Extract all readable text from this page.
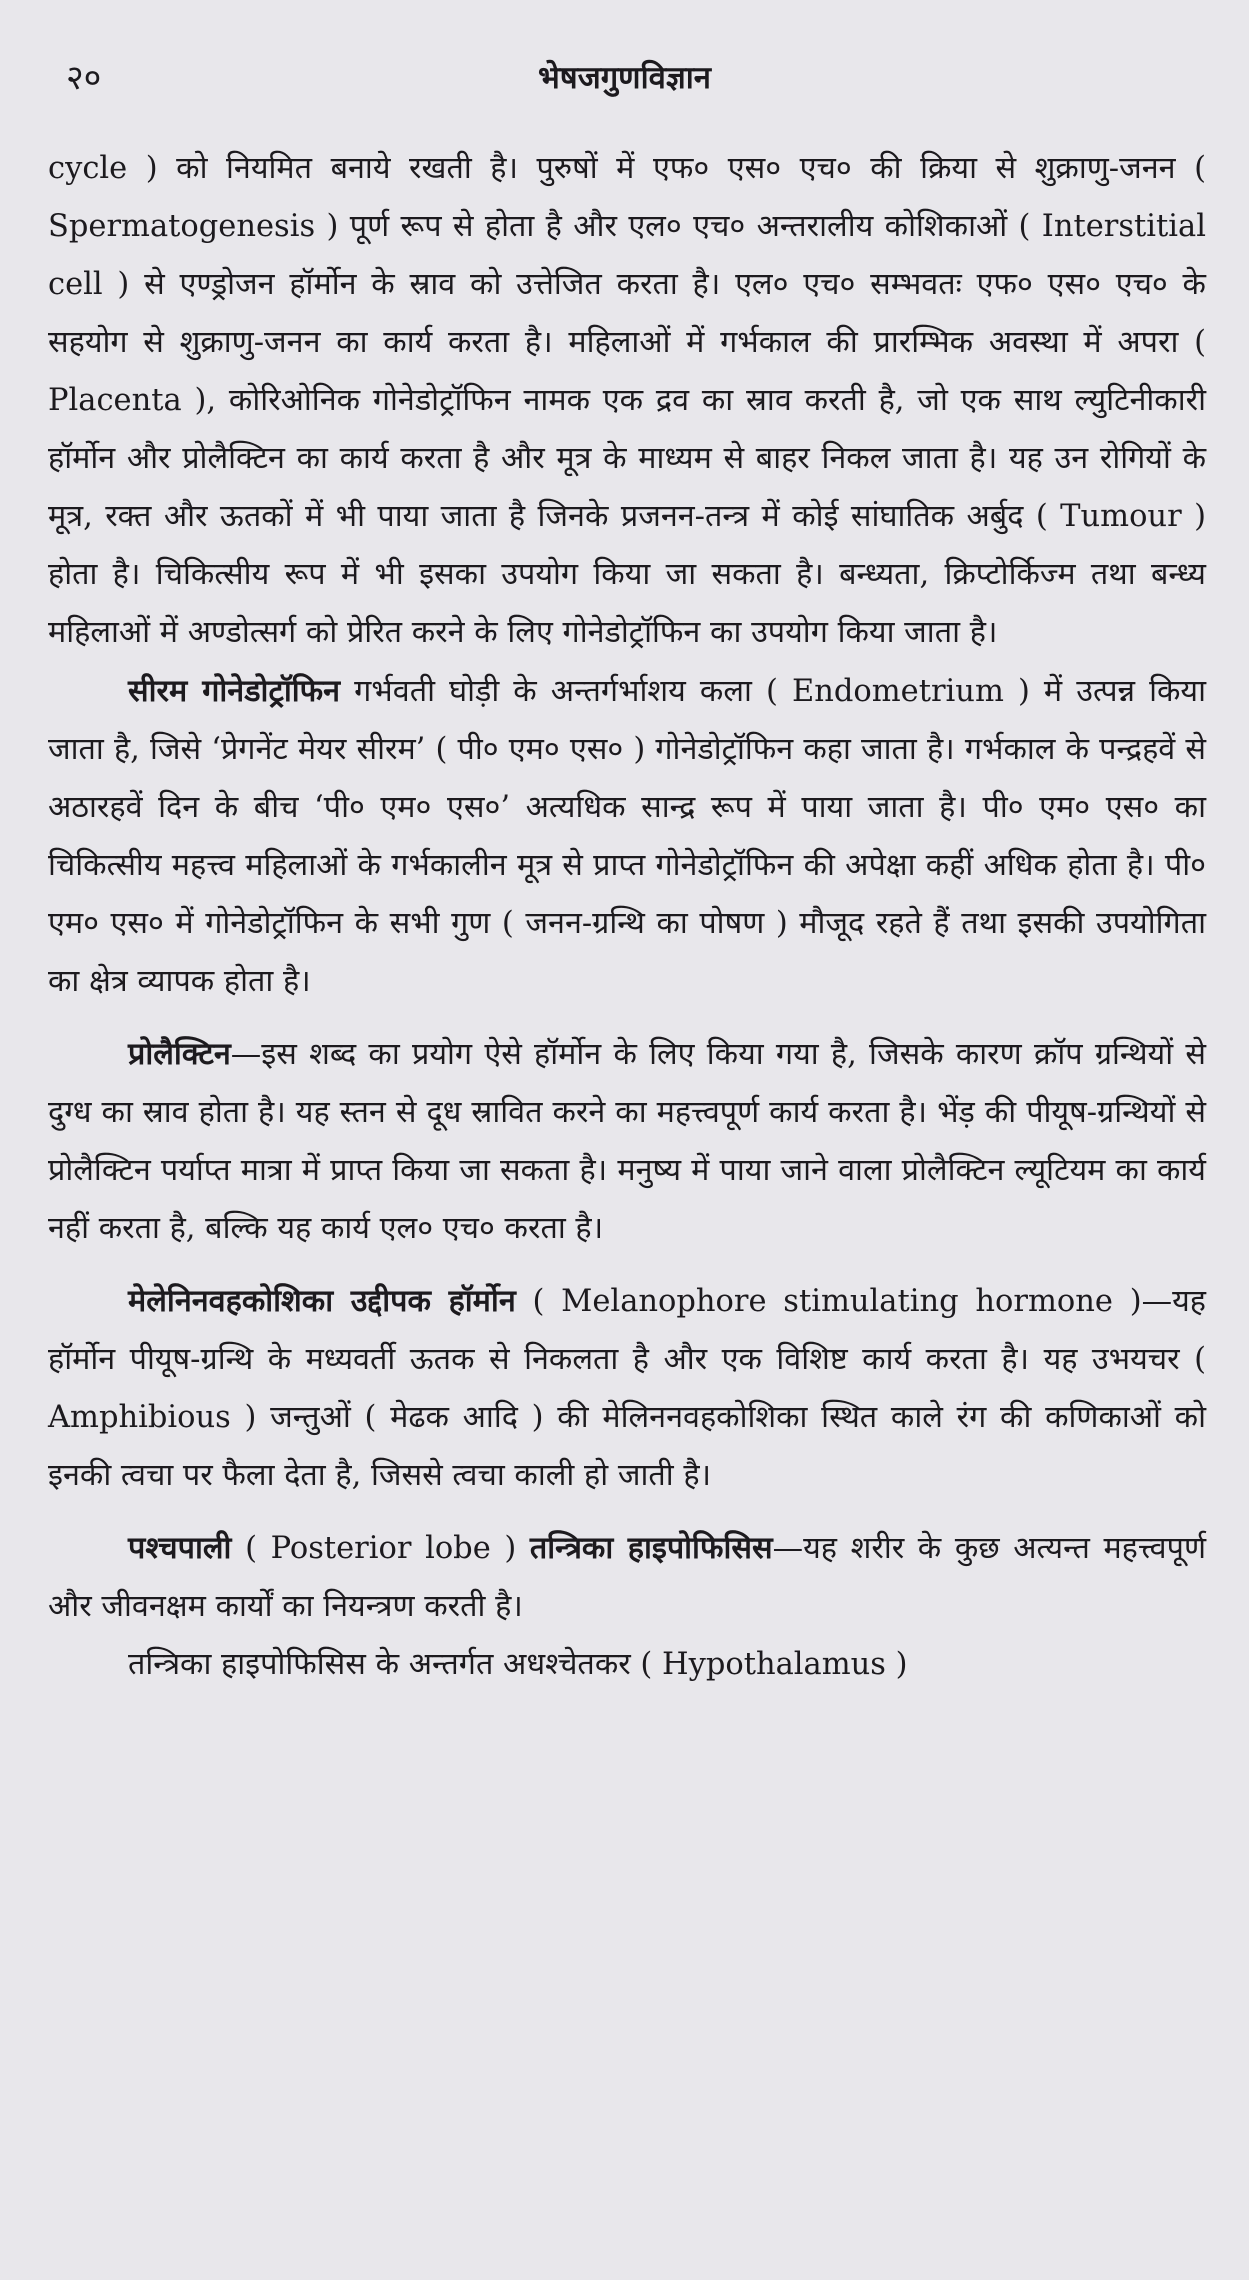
२०	भेषजगुणविज्ञान

cycle ) को नियमित बनाये रखती है। पुरुषों में एफ० एस० एच० की क्रिया से शुक्राणु-जनन ( Spermatogenesis ) पूर्ण रूप से होता है और एल० एच० अन्तरालीय कोशिकाओं ( Interstitial cell ) से एण्ड्रोजन हॉर्मोन के स्राव को उत्तेजित करता है। एल० एच० सम्भवतः एफ० एस० एच० के सहयोग से शुक्राणु-जनन का कार्य करता है। महिलाओं में गर्भकाल की प्रारम्भिक अवस्था में अपरा ( Placenta ), कोरिओनिक गोनेडोट्रॉफिन नामक एक द्रव का स्राव करती है, जो एक साथ ल्युटिनीकारी हॉर्मोन और प्रोलैक्टिन का कार्य करता है और मूत्र के माध्यम से बाहर निकल जाता है। यह उन रोगियों के मूत्र, रक्त और ऊतकों में भी पाया जाता है जिनके प्रजनन-तन्त्र में कोई सांघातिक अर्बुद ( Tumour ) होता है। चिकित्सीय रूप में भी इसका उपयोग किया जा सकता है। बन्ध्यता, क्रिप्टोर्किज्म तथा बन्ध्य महिलाओं में अण्डोत्सर्ग को प्रेरित करने के लिए गोनेडोट्रॉफिन का उपयोग किया जाता है।

सीरम गोनेडोट्रॉफिन गर्भवती घोड़ी के अन्तर्गर्भाशय कला ( Endometrium ) में उत्पन्न किया जाता है, जिसे ‘प्रेगनेंट मेयर सीरम’ ( पी० एम० एस० ) गोनेडोट्रॉफिन कहा जाता है। गर्भकाल के पन्द्रहवें से अठारहवें दिन के बीच ‘पी० एम० एस०’ अत्यधिक सान्द्र रूप में पाया जाता है। पी० एम० एस० का चिकित्सीय महत्त्व महिलाओं के गर्भकालीन मूत्र से प्राप्त गोनेडोट्रॉफिन की अपेक्षा कहीं अधिक होता है। पी० एम० एस० में गोनेडोट्रॉफिन के सभी गुण ( जनन-ग्रन्थि का पोषण ) मौजूद रहते हैं तथा इसकी उपयोगिता का क्षेत्र व्यापक होता है।

प्रोलैक्टिन—इस शब्द का प्रयोग ऐसे हॉर्मोन के लिए किया गया है, जिसके कारण क्रॉप ग्रन्थियों से दुग्ध का स्राव होता है। यह स्तन से दूध स्रावित करने का महत्त्वपूर्ण कार्य करता है। भेंड़ की पीयूष-ग्रन्थियों से प्रोलैक्टिन पर्याप्त मात्रा में प्राप्त किया जा सकता है। मनुष्य में पाया जाने वाला प्रोलैक्टिन ल्यूटियम का कार्य नहीं करता है, बल्कि यह कार्य एल० एच० करता है।

मेलेनिनवहकोशिका उद्दीपक हॉर्मोन ( Melanophore stimulating hormone )—यह हॉर्मोन पीयूष-ग्रन्थि के मध्यवर्ती ऊतक से निकलता है और एक विशिष्ट कार्य करता है। यह उभयचर ( Amphibious ) जन्तुओं ( मेढक आदि ) की मेलिननवहकोशिका स्थित काले रंग की कणिकाओं को इनकी त्वचा पर फैला देता है, जिससे त्वचा काली हो जाती है।

पश्चपाली ( Posterior lobe ) तन्त्रिका हाइपोफिसिस—यह शरीर के कुछ अत्यन्त महत्त्वपूर्ण और जीवनक्षम कार्यों का नियन्त्रण करती है।

तन्त्रिका हाइपोफिसिस के अन्तर्गत अधश्चेतकर ( Hypothalamus )
